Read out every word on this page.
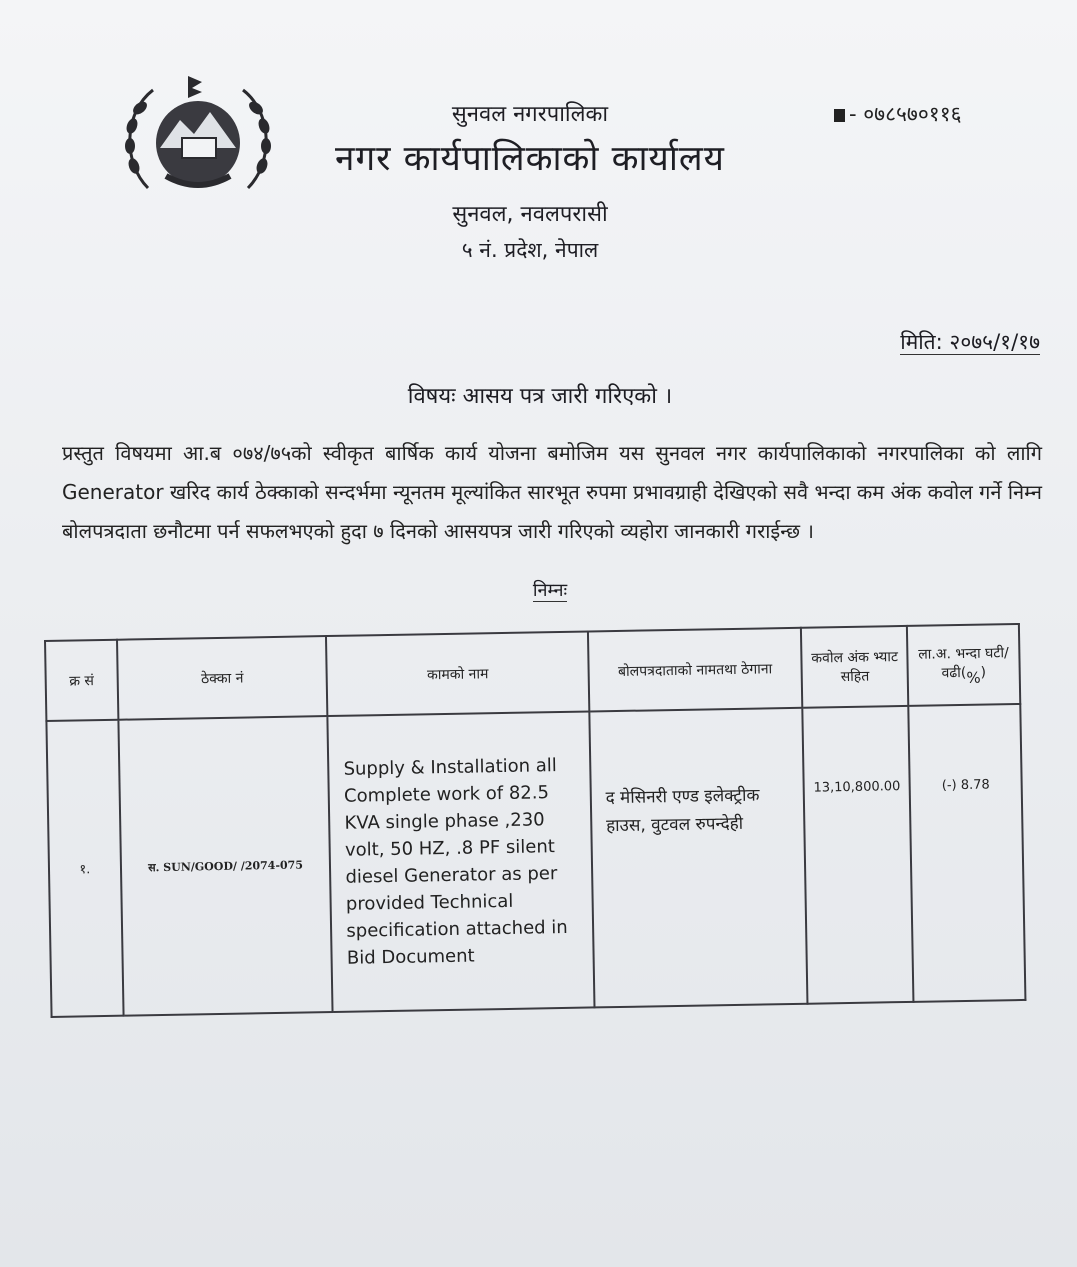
सुनवल नगरपालिका
नगर कार्यपालिकाको कार्यालय
सुनवल, नवलपरासी
५ नं. प्रदेश, नेपाल
- ०७८५७०११६
मिति: २०७५/१/१७
विषयः आसय पत्र जारी गरिएको ।
प्रस्तुत विषयमा आ.ब ०७४/७५को स्वीकृत बार्षिक कार्य योजना बमोजिम यस सुनवल नगर कार्यपालिकाको नगरपालिका को लागि Generator खरिद कार्य ठेक्काको सन्दर्भमा न्यूनतम मूल्यांकित सारभूत रुपमा प्रभावग्राही देखिएको सवै भन्दा कम अंक कवोल गर्ने निम्न बोलपत्रदाता छनौटमा पर्न सफलभएको हुदा ७ दिनको आसयपत्र जारी गरिएको व्यहोरा जानकारी गराईन्छ ।
निम्नः
क्र सं	ठेक्का नं	कामको नाम	बोलपत्रदाताको नामतथा ठेगाना	कवोल अंक भ्याट सहित	ला.अ. भन्दा घटी/वढी(%)
१.	स. SUN/GOOD/ /2074-075	Supply & Installation all Complete work of 82.5 KVA single phase ,230 volt, 50 HZ, .8 PF silent diesel Generator as per provided Technical specification attached in Bid Document	द मेसिनरी एण्ड इलेक्ट्रीक हाउस, वुटवल रुपन्देही	13,10,800.00	(-) 8.78
